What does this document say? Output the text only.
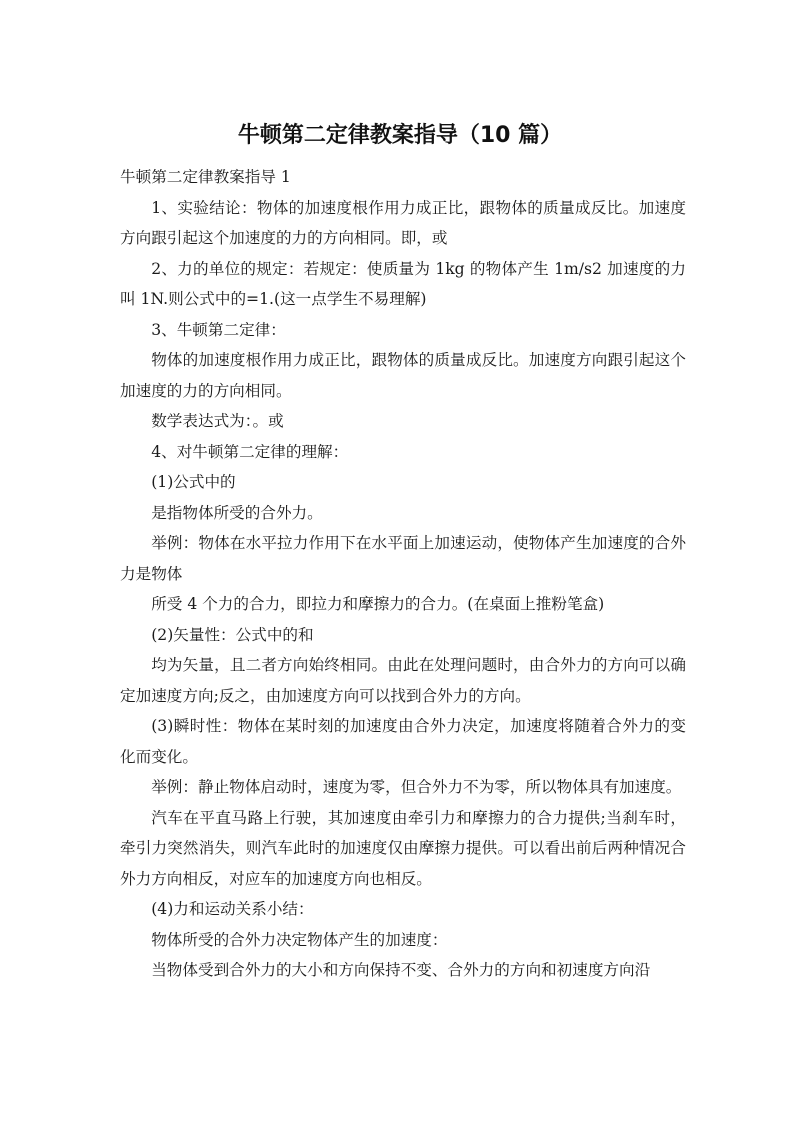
牛顿第二定律教案指导（10 篇）

牛顿第二定律教案指导 1

1、实验结论：物体的加速度根作用力成正比，跟物体的质量成反比。加速度方向跟引起这个加速度的力的方向相同。即，或

2、力的单位的规定：若规定：使质量为 1kg 的物体产生 1m/s2 加速度的力叫 1N.则公式中的=1.(这一点学生不易理解)

3、牛顿第二定律：

物体的加速度根作用力成正比，跟物体的质量成反比。加速度方向跟引起这个加速度的力的方向相同。

数学表达式为：。或

4、对牛顿第二定律的理解：

(1)公式中的

是指物体所受的合外力。

举例：物体在水平拉力作用下在水平面上加速运动，使物体产生加速度的合外力是物体

所受 4 个力的合力，即拉力和摩擦力的合力。(在桌面上推粉笔盒)

(2)矢量性：公式中的和

均为矢量，且二者方向始终相同。由此在处理问题时，由合外力的方向可以确定加速度方向;反之，由加速度方向可以找到合外力的方向。

(3)瞬时性：物体在某时刻的加速度由合外力决定，加速度将随着合外力的变化而变化。

举例：静止物体启动时，速度为零，但合外力不为零，所以物体具有加速度。

汽车在平直马路上行驶，其加速度由牵引力和摩擦力的合力提供;当刹车时，牵引力突然消失，则汽车此时的加速度仅由摩擦力提供。可以看出前后两种情况合外力方向相反，对应车的加速度方向也相反。

(4)力和运动关系小结：

物体所受的合外力决定物体产生的加速度：

当物体受到合外力的大小和方向保持不变、合外力的方向和初速度方向沿
